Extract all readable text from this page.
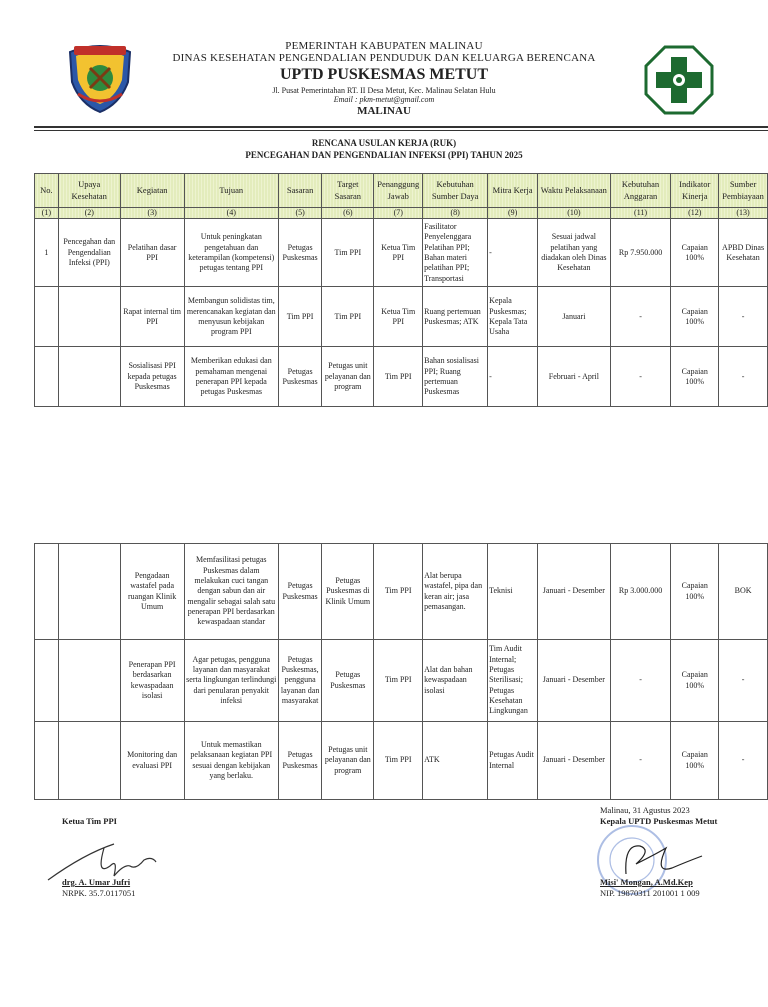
PEMERINTAH KABUPATEN MALINAU
DINAS KESEHATAN PENGENDALIAN PENDUDUK DAN KELUARGA BERENCANA
UPTD PUSKESMAS METUT
Jl. Pusat Pemerintahan RT. II Desa Metut, Kec. Malinau Selatan Hulu
Email : pkm-metut@gmail.com
MALINAU
RENCANA USULAN KERJA (RUK)
PENCEGAHAN DAN PENGENDALIAN INFEKSI (PPI) TAHUN 2025
No.	Upaya Kesehatan	Kegiatan	Tujuan	Sasaran	Target Sasaran	Penanggung Jawab	Kebutuhan Sumber Daya	Mitra Kerja	Waktu Pelaksanaan	Kebutuhan Anggaran	Indikator Kinerja	Sumber Pembiayaan
(1)	(2)	(3)	(4)	(5)	(6)	(7)	(8)	(9)	(10)	(11)	(12)	(13)
1	Pencegahan dan Pengendalian Infeksi (PPI)	Pelatihan dasar PPI	Untuk peningkatan pengetahuan dan keterampilan (kompetensi) petugas tentang PPI	Petugas Puskesmas	Tim PPI	Ketua Tim PPI	Fasilitator Penyelenggara Pelatihan PPI; Bahan materi pelatihan PPI; Transportasi	-	Sesuai jadwal pelatihan yang diadakan oleh Dinas Kesehatan	Rp 7.950.000	Capaian 100%	APBD Dinas Kesehatan
		Rapat internal tim PPI	Membangun solidistas tim, merencanakan kegiatan dan menyusun kebijakan program PPI	Tim PPI	Tim PPI	Ketua Tim PPI	Ruang pertemuan Puskesmas; ATK	Kepala Puskesmas; Kepala Tata Usaha	Januari	-	Capaian 100%	-
		Sosialisasi PPI kepada petugas Puskesmas	Memberikan edukasi dan pemahaman mengenai penerapan PPI kepada petugas Puskesmas	Petugas Puskesmas	Petugas unit pelayanan dan program	Tim PPI	Bahan sosialisasi PPI; Ruang pertemuan Puskesmas	-	Februari - April	-	Capaian 100%	-
		Pengadaan wastafel pada ruangan Klinik Umum	Memfasilitasi petugas Puskesmas dalam melakukan cuci tangan dengan sabun dan air mengalir sebagai salah satu penerapan PPI berdasarkan kewaspadaan standar	Petugas Puskesmas	Petugas Puskesmas di Klinik Umum	Tim PPI	Alat berupa wastafel, pipa dan keran air; jasa pemasangan.	Teknisi	Januari - Desember	Rp 3.000.000	Capaian 100%	BOK
		Penerapan PPI berdasarkan kewaspadaan isolasi	Agar petugas, pengguna layanan dan masyarakat serta lingkungan terlindungi dari penularan penyakit infeksi	Petugas Puskesmas, pengguna layanan dan masyarakat	Petugas Puskesmas	Tim PPI	Alat dan bahan kewaspadaan isolasi	Tim Audit Internal; Petugas Sterilisasi; Petugas Kesehatan Lingkungan	Januari - Desember	-	Capaian 100%	-
		Monitoring dan evaluasi PPI	Untuk memastikan pelaksanaan kegiatan PPI sesuai dengan kebijakan yang berlaku.	Petugas Puskesmas	Petugas unit pelayanan dan program	Tim PPI	ATK	Petugas Audit Internal	Januari - Desember	-	Capaian 100%	-
Ketua Tim PPI
drg. A. Umar Jufri
NRPK. 35.7.0117051
Malinau, 31 Agustus 2023
Kepala UPTD Puskesmas Metut
Misi' Mongan, A.Md.Kep
NIP. 19870311 201001 1 009
